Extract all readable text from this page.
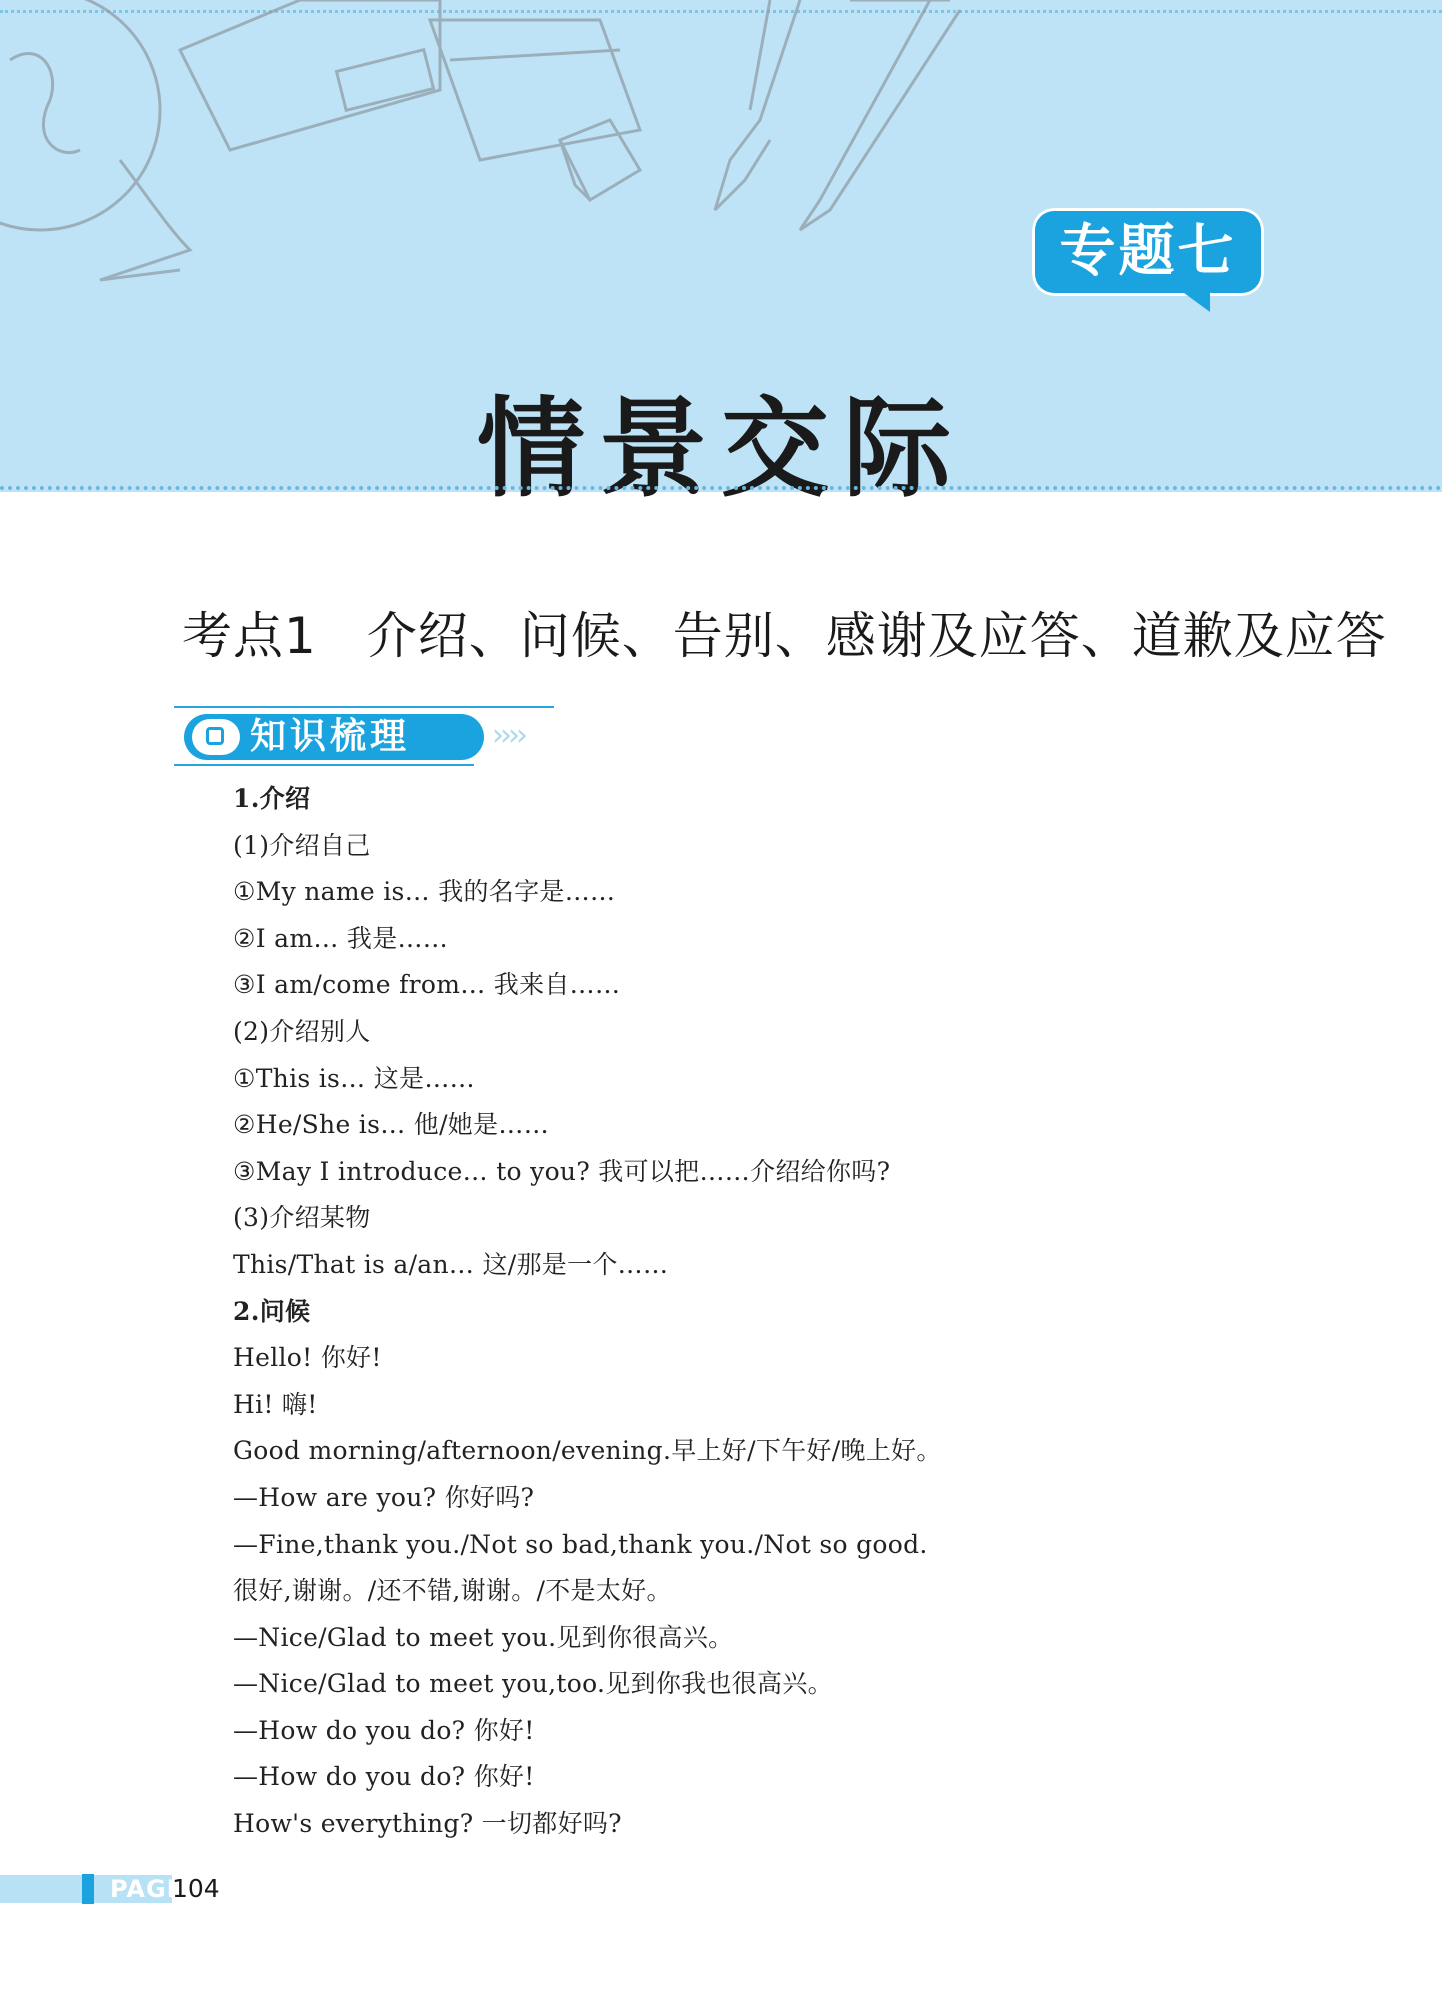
专题七
情景交际
考点1 介绍、问候、告别、感谢及应答、道歉及应答
知识梳理	››››
1.介绍
(1)介绍自己
①My name is… 我的名字是……
②I am… 我是……
③I am/come from… 我来自……
(2)介绍别人
①This is… 这是……
②He/She is… 他/她是……
③May I introduce… to you? 我可以把……介绍给你吗?
(3)介绍某物
This/That is a/an… 这/那是一个……
2.问候
Hello! 你好!
Hi! 嗨!
Good morning/afternoon/evening.早上好/下午好/晚上好。
—How are you? 你好吗?
—Fine,thank you./Not so bad,thank you./Not so good.
很好,谢谢。/还不错,谢谢。/不是太好。
—Nice/Glad to meet you.见到你很高兴。
—Nice/Glad to meet you,too.见到你我也很高兴。
—How do you do? 你好!
—How do you do? 你好!
How's everything? 一切都好吗?
PAGE
104
